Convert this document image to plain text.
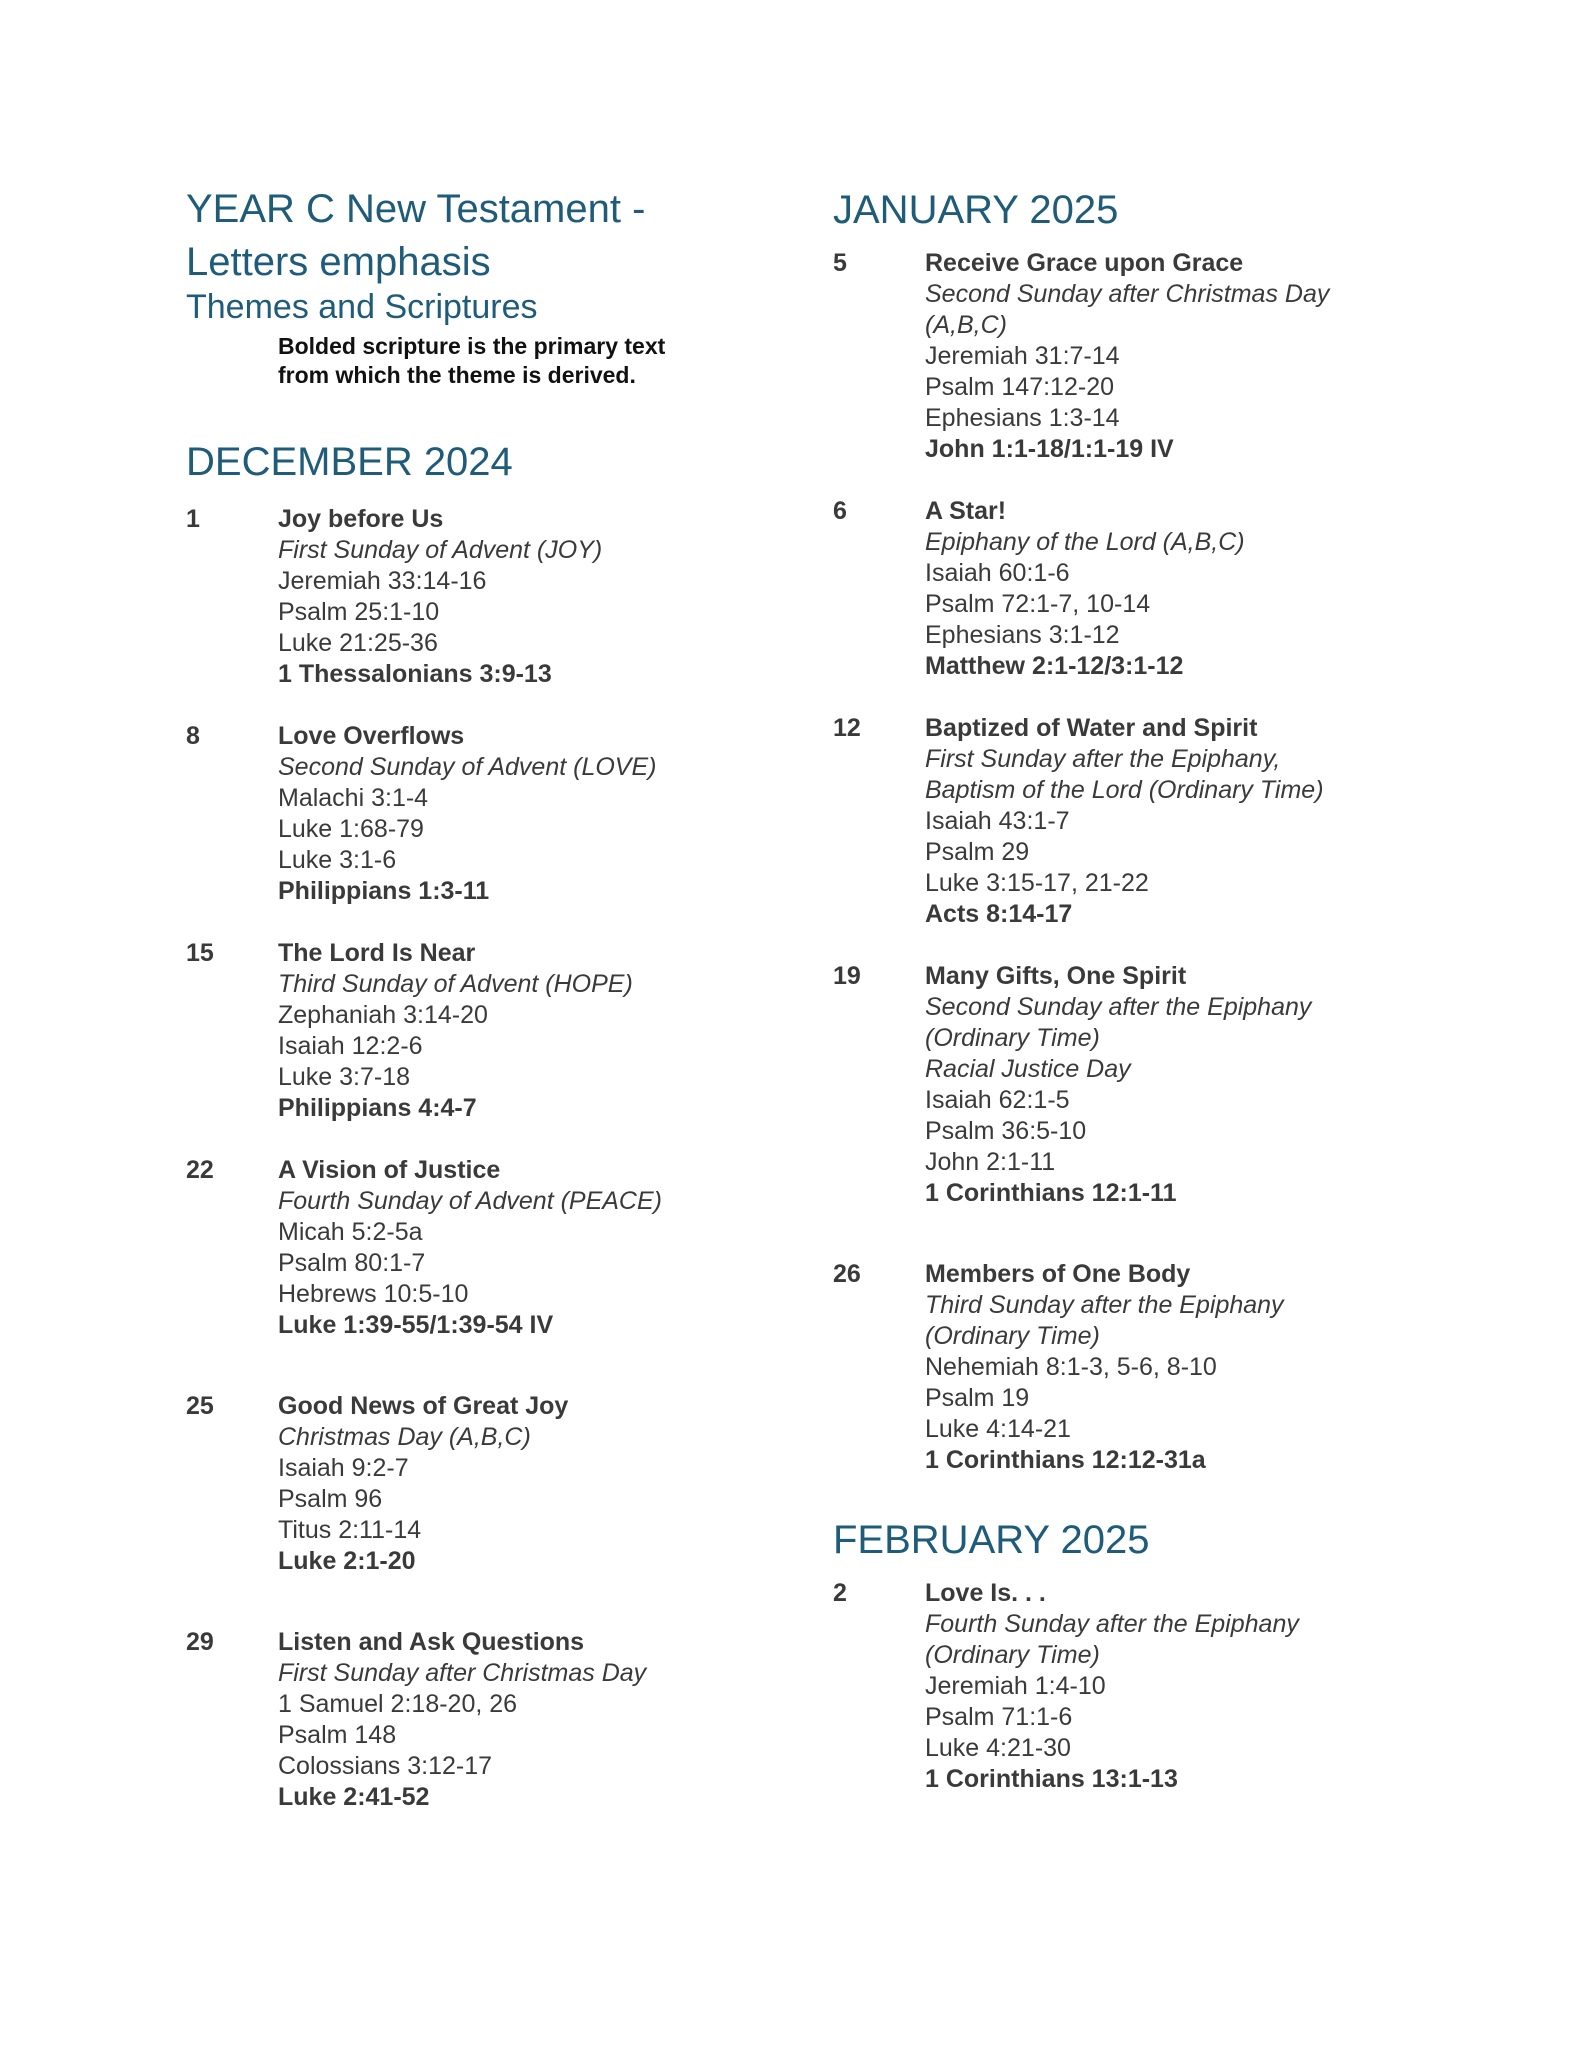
YEAR C New Testament -
Letters emphasis
Themes and Scriptures
Bolded scripture is the primary text
from which the theme is derived.
DECEMBER 2024
1	Joy before Us
First Sunday of Advent (JOY)
Jeremiah 33:14-16
Psalm 25:1-10
Luke 21:25-36
1 Thessalonians 3:9-13
8	Love Overflows
Second Sunday of Advent (LOVE)
Malachi 3:1-4
Luke 1:68-79
Luke 3:1-6
Philippians 1:3-11
15	The Lord Is Near
Third Sunday of Advent (HOPE)
Zephaniah 3:14-20
Isaiah 12:2-6
Luke 3:7-18
Philippians 4:4-7
22	A Vision of Justice
Fourth Sunday of Advent (PEACE)
Micah 5:2-5a
Psalm 80:1-7
Hebrews 10:5-10
Luke 1:39-55/1:39-54 IV
25	Good News of Great Joy
Christmas Day (A,B,C)
Isaiah 9:2-7
Psalm 96
Titus 2:11-14
Luke 2:1-20
29	Listen and Ask Questions
First Sunday after Christmas Day
1 Samuel 2:18-20, 26
Psalm 148
Colossians 3:12-17
Luke 2:41-52
JANUARY 2025
5	Receive Grace upon Grace
Second Sunday after Christmas Day
(A,B,C)
Jeremiah 31:7-14
Psalm 147:12-20
Ephesians 1:3-14
John 1:1-18/1:1-19 IV
6	A Star!
Epiphany of the Lord (A,B,C)
Isaiah 60:1-6
Psalm 72:1-7, 10-14
Ephesians 3:1-12
Matthew 2:1-12/3:1-12
12	Baptized of Water and Spirit
First Sunday after the Epiphany,
Baptism of the Lord (Ordinary Time)
Isaiah 43:1-7
Psalm 29
Luke 3:15-17, 21-22
Acts 8:14-17
19	Many Gifts, One Spirit
Second Sunday after the Epiphany
(Ordinary Time)
Racial Justice Day
Isaiah 62:1-5
Psalm 36:5-10
John 2:1-11
1 Corinthians 12:1-11
26	Members of One Body
Third Sunday after the Epiphany
(Ordinary Time)
Nehemiah 8:1-3, 5-6, 8-10
Psalm 19
Luke 4:14-21
1 Corinthians 12:12-31a
FEBRUARY 2025
2	Love Is. . .
Fourth Sunday after the Epiphany
(Ordinary Time)
Jeremiah 1:4-10
Psalm 71:1-6
Luke 4:21-30
1 Corinthians 13:1-13
